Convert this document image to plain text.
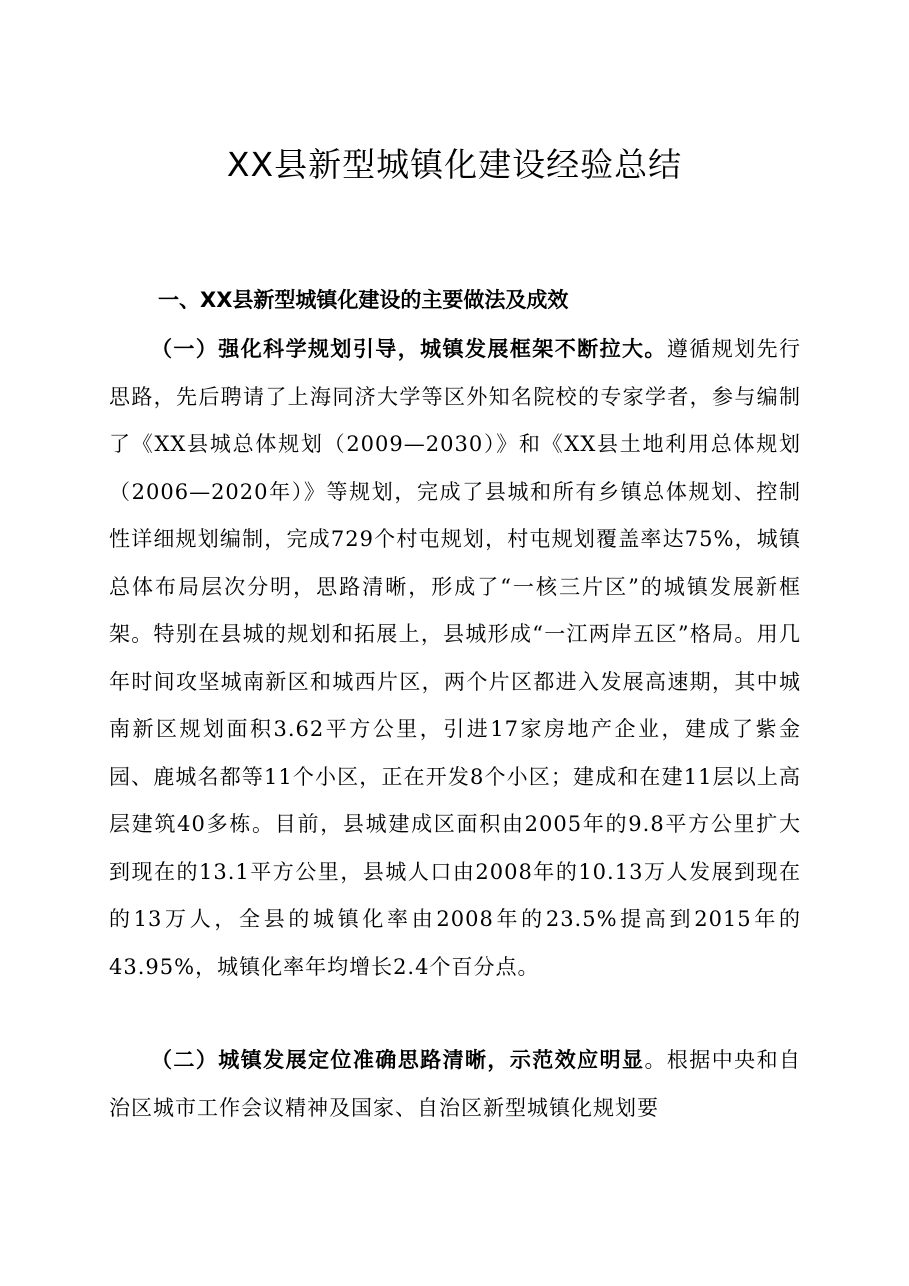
XX县新型城镇化建设经验总结
一、XX县新型城镇化建设的主要做法及成效

（一）强化科学规划引导，城镇发展框架不断拉大。遵循规划先行思路，先后聘请了上海同济大学等区外知名院校的专家学者，参与编制了《XX县城总体规划（2009—2030）》和《XX县土地利用总体规划（2006—2020年）》等规划，完成了县城和所有乡镇总体规划、控制性详细规划编制，完成729个村屯规划，村屯规划覆盖率达75%，城镇总体布局层次分明，思路清晰，形成了“一核三片区”的城镇发展新框架。特别在县城的规划和拓展上，县城形成“一江两岸五区”格局。用几年时间攻坚城南新区和城西片区，两个片区都进入发展高速期，其中城南新区规划面积3.62平方公里，引进17家房地产企业，建成了紫金园、鹿城名都等11个小区，正在开发8个小区；建成和在建11层以上高层建筑40多栋。目前，县城建成区面积由2005年的9.8平方公里扩大到现在的13.1平方公里，县城人口由2008年的10.13万人发展到现在的13万人，全县的城镇化率由2008年的23.5%提高到2015年的43.95%，城镇化率年均增长2.4个百分点。

（二）城镇发展定位准确思路清晰，示范效应明显。根据中央和自治区城市工作会议精神及国家、自治区新型城镇化规划要
